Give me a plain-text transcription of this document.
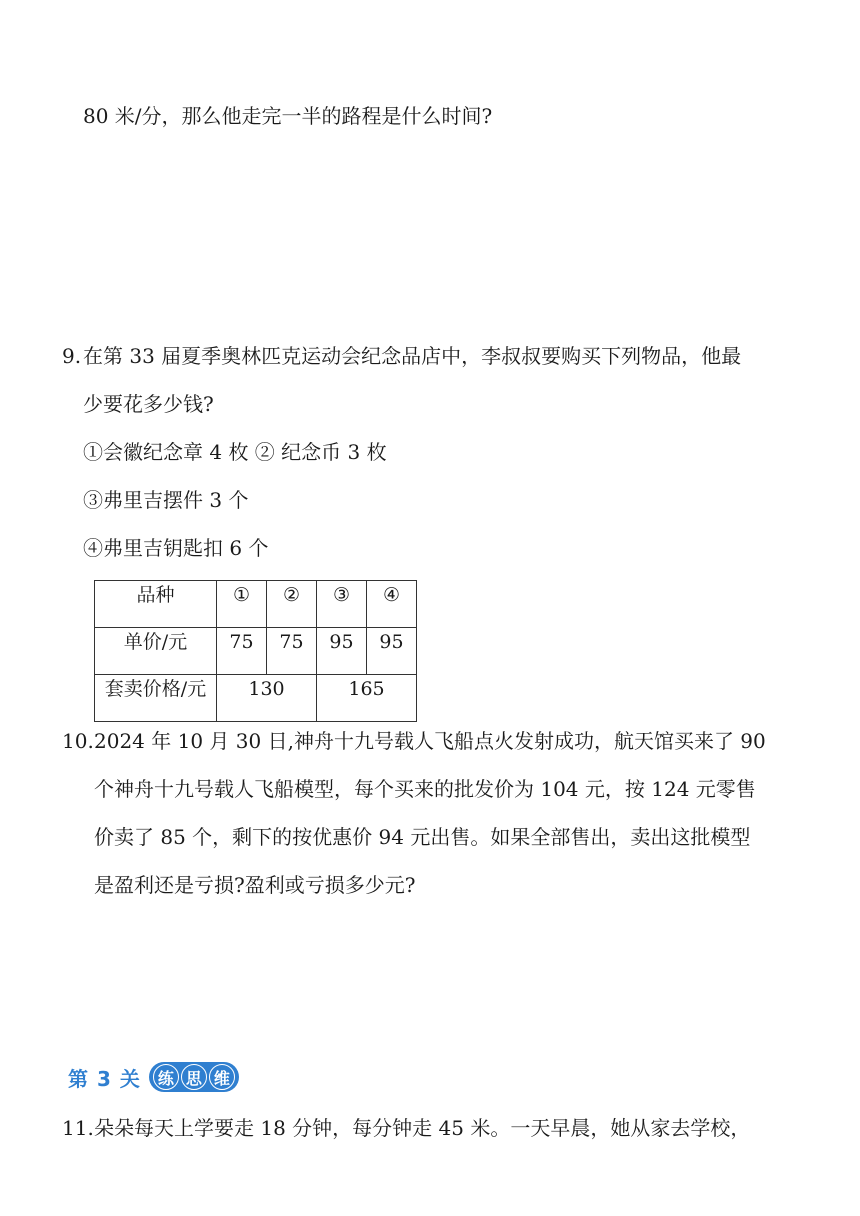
80 米/分，那么他走完一半的路程是什么时间?
9. 在第 33 届夏季奥林匹克运动会纪念品店中，李叔叔要购买下列物品，他最
少要花多少钱?
①会徽纪念章 4 枚 ② 纪念币 3 枚
③弗里吉摆件 3 个
④弗里吉钥匙扣 6 个
品种	①	②	③	④
单价/元	75	75	95	95
套卖价格/元	130		165	
10. 2024 年 10 月 30 日,神舟十九号载人飞船点火发射成功，航天馆买来了 90
个神舟十九号载人飞船模型，每个买来的批发价为 104 元，按 124 元零售
价卖了 85 个，剩下的按优惠价 94 元出售。如果全部售出，卖出这批模型
是盈利还是亏损?盈利或亏损多少元?
第 3 关	练 思 维
11. 朵朵每天上学要走 18 分钟，每分钟走 45 米。一天早晨，她从家去学校，
